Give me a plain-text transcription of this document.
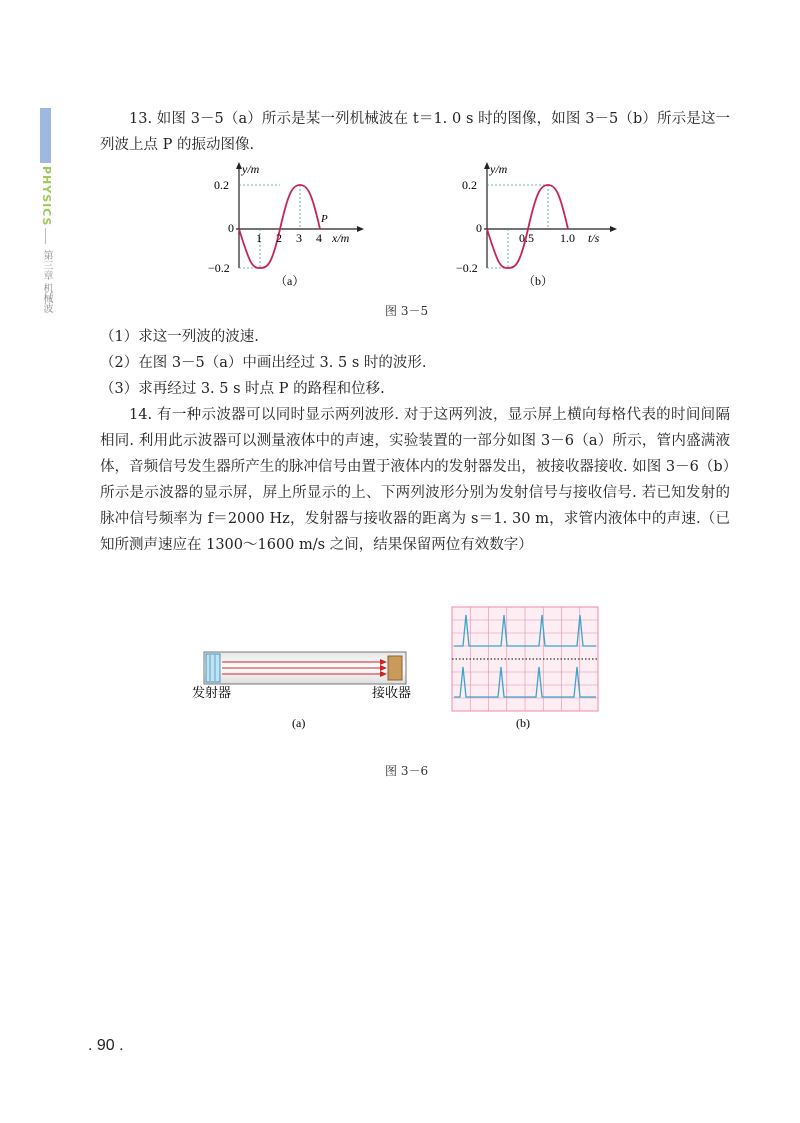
PHYSICS
第三章 机械波

13. 如图 3－5（a）所示是某一列机械波在 t＝1. 0 s 时的图像，如图 3－5（b）所示是这一列波上点 P 的振动图像.

y/m
0.2
0
−0.2
1 2 3 4 x/m
P
（a）
y/m
0.2
0
−0.2
0.5 1.0 t/s
（b）
图 3－5
（1）求这一列波的波速.
（2）在图 3－5（a）中画出经过 3. 5 s 时的波形.
（3）求再经过 3. 5 s 时点 P 的路程和位移.

14. 有一种示波器可以同时显示两列波形. 对于这两列波，显示屏上横向每格代表的时间间隔相同. 利用此示波器可以测量液体中的声速，实验装置的一部分如图 3－6（a）所示，管内盛满液体，音频信号发生器所产生的脉冲信号由置于液体内的发射器发出，被接收器接收. 如图 3－6（b）所示是示波器的显示屏，屏上所显示的上、下两列波形分别为发射信号与接收信号. 若已知发射的脉冲信号频率为 f＝2000 Hz，发射器与接收器的距离为 s＝1. 30 m，求管内液体中的声速.（已知所测声速应在 1300～1600 m/s 之间，结果保留两位有效数字）

发射器	接收器
(a)	(b)
图 3－6
. 90 .
